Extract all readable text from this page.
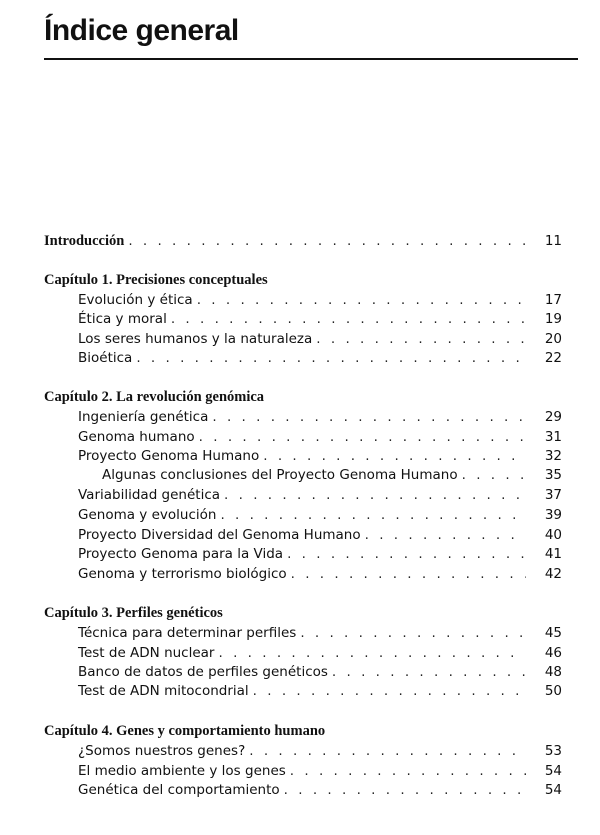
Índice general
Introducción . . .	11
Capítulo 1. Precisiones conceptuales
Evolución y ética . . .	17
Ética y moral . . .	19
Los seres humanos y la naturaleza . . .	20
Bioética . . .	22
Capítulo 2. La revolución genómica
Ingeniería genética . . .	29
Genoma humano . . .	31
Proyecto Genoma Humano . . .	32
Algunas conclusiones del Proyecto Genoma Humano . . .	35
Variabilidad genética . . .	37
Genoma y evolución . . .	39
Proyecto Diversidad del Genoma Humano . . .	40
Proyecto Genoma para la Vida . . .	41
Genoma y terrorismo biológico . . .	42
Capítulo 3. Perfiles genéticos
Técnica para determinar perfiles . . .	45
Test de ADN nuclear . . .	46
Banco de datos de perfiles genéticos . . .	48
Test de ADN mitocondrial . . .	50
Capítulo 4. Genes y comportamiento humano
¿Somos nuestros genes? . . .	53
El medio ambiente y los genes . . .	54
Genética del comportamiento . . .	54
